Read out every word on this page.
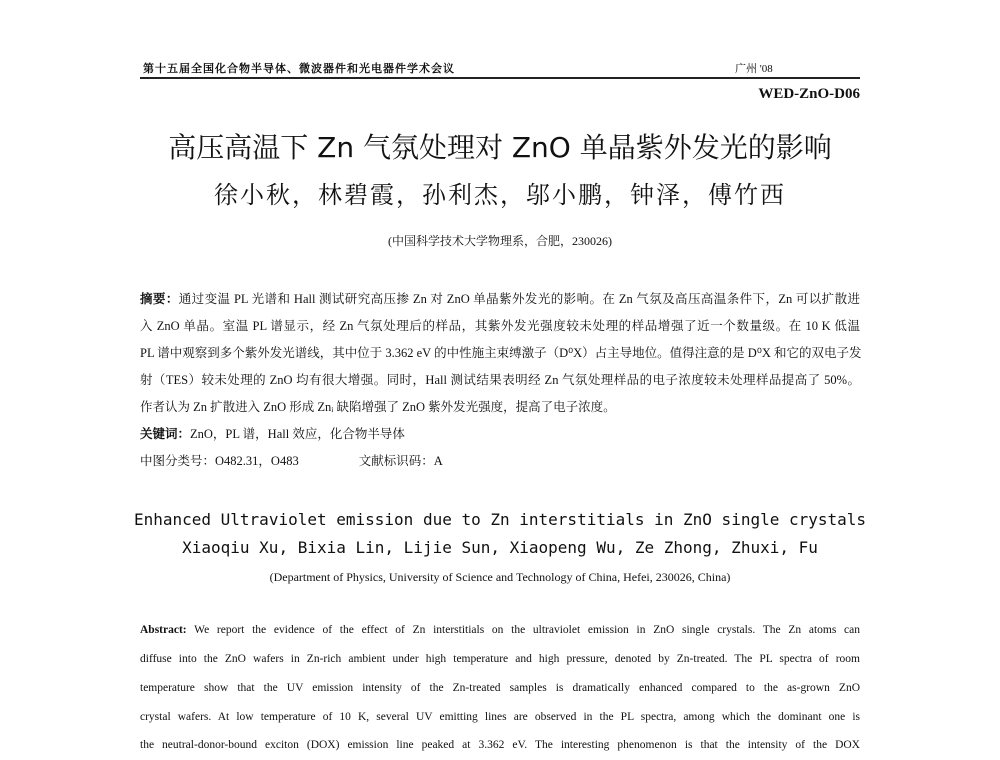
第十五届全国化合物半导体、微波器件和光电器件学术会议	广州 '08
WED-ZnO-D06
高压高温下 Zn 气氛处理对 ZnO 单晶紫外发光的影响
徐小秋，林碧霞，孙利杰，邬小鹏，钟泽，傅竹西
(中国科学技术大学物理系，合肥，230026)
摘要：通过变温 PL 光谱和 Hall 测试研究高压掺 Zn 对 ZnO 单晶紫外发光的影响。在 Zn 气氛及高压高温条件下，Zn 可以扩散进
入 ZnO 单晶。室温 PL 谱显示，经 Zn 气氛处理后的样品，其紫外发光强度较未处理的样品增强了近一个数量级。在 10 K 低温
PL 谱中观察到多个紫外发光谱线，其中位于 3.362 eV 的中性施主束缚激子（D⁰X）占主导地位。值得注意的是 D⁰X 和它的双电子发
射（TES）较未处理的 ZnO 均有很大增强。同时，Hall 测试结果表明经 Zn 气氛处理样品的电子浓度较未处理样品提高了 50%。
作者认为 Zn 扩散进入 ZnO 形成 Znᵢ 缺陷增强了 ZnO 紫外发光强度，提高了电子浓度。
关键词：ZnO，PL 谱，Hall 效应，化合物半导体
中图分类号：O482.31，O483	文献标识码：A
Enhanced Ultraviolet emission due to Zn interstitials in ZnO single crystals
Xiaoqiu Xu, Bixia Lin, Lijie Sun, Xiaopeng Wu, Ze Zhong, Zhuxi, Fu
(Department of Physics, University of Science and Technology of China, Hefei, 230026, China)
Abstract: We report the evidence of the effect of Zn interstitials on the ultraviolet emission in ZnO single crystals. The Zn atoms can
diffuse into the ZnO wafers in Zn-rich ambient under high temperature and high pressure, denoted by Zn-treated. The PL spectra of room
temperature show that the UV emission intensity of the Zn-treated samples is dramatically enhanced compared to the as-grown ZnO
crystal wafers. At low temperature of 10 K, several UV emitting lines are observed in the PL spectra, among which the dominant one is
the neutral-donor-bound exciton (DOX) emission line peaked at 3.362 eV. The interesting phenomenon is that the intensity of the DOX
